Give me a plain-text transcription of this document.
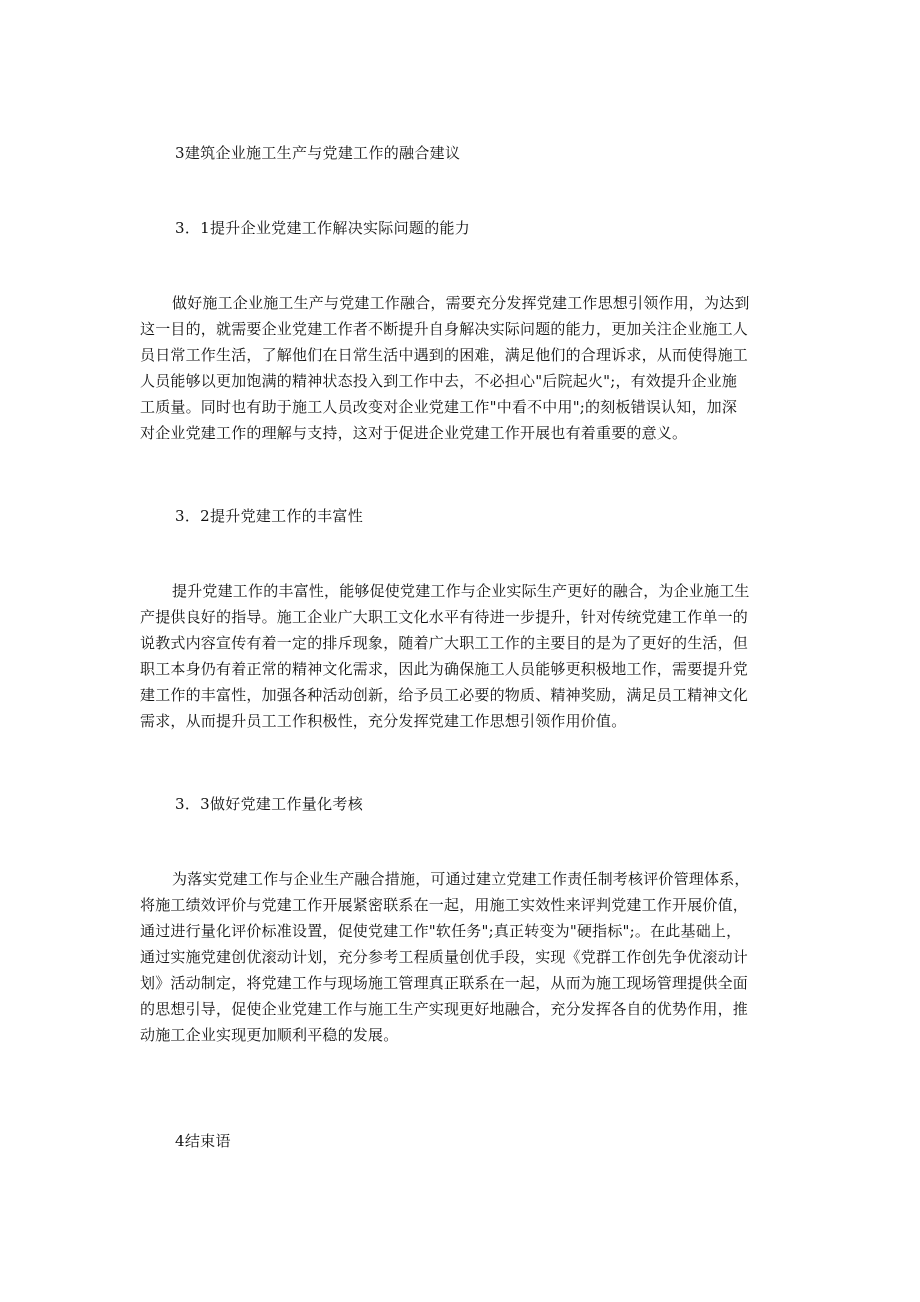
3建筑企业施工生产与党建工作的融合建议
3．1提升企业党建工作解决实际问题的能力
做好施工企业施工生产与党建工作融合，需要充分发挥党建工作思想引领作用，为达到
这一目的，就需要企业党建工作者不断提升自身解决实际问题的能力，更加关注企业施工人
员日常工作生活，了解他们在日常生活中遇到的困难，满足他们的合理诉求，从而使得施工
人员能够以更加饱满的精神状态投入到工作中去，不必担心"后院起火";，有效提升企业施
工质量。同时也有助于施工人员改变对企业党建工作"中看不中用";的刻板错误认知，加深
对企业党建工作的理解与支持，这对于促进企业党建工作开展也有着重要的意义。
3．2提升党建工作的丰富性
提升党建工作的丰富性，能够促使党建工作与企业实际生产更好的融合，为企业施工生
产提供良好的指导。施工企业广大职工文化水平有待进一步提升，针对传统党建工作单一的
说教式内容宣传有着一定的排斥现象，随着广大职工工作的主要目的是为了更好的生活，但
职工本身仍有着正常的精神文化需求，因此为确保施工人员能够更积极地工作，需要提升党
建工作的丰富性，加强各种活动创新，给予员工必要的物质、精神奖励，满足员工精神文化
需求，从而提升员工工作积极性，充分发挥党建工作思想引领作用价值。
3．3做好党建工作量化考核
为落实党建工作与企业生产融合措施，可通过建立党建工作责任制考核评价管理体系，
将施工绩效评价与党建工作开展紧密联系在一起，用施工实效性来评判党建工作开展价值，
通过进行量化评价标准设置，促使党建工作"软任务";真正转变为"硬指标";。在此基础上，
通过实施党建创优滚动计划，充分参考工程质量创优手段，实现《党群工作创先争优滚动计
划》活动制定，将党建工作与现场施工管理真正联系在一起，从而为施工现场管理提供全面
的思想引导，促使企业党建工作与施工生产实现更好地融合，充分发挥各自的优势作用，推
动施工企业实现更加顺利平稳的发展。
4结束语
